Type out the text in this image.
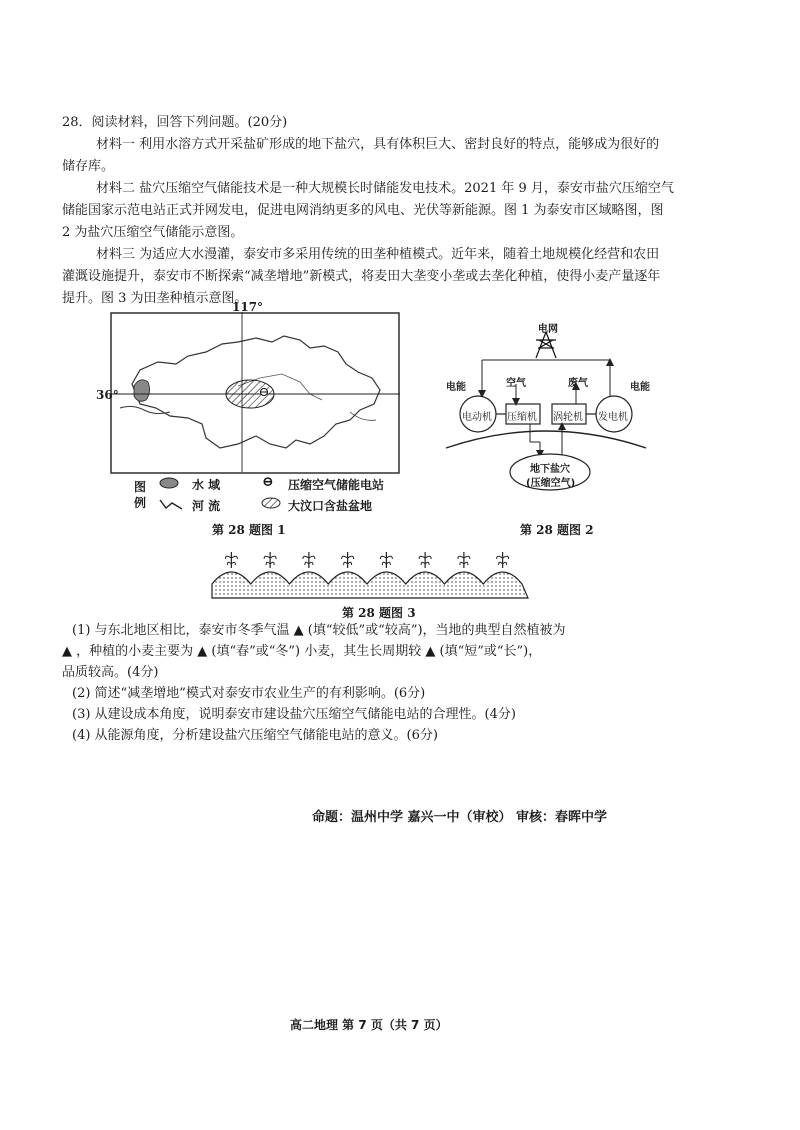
28．阅读材料，回答下列问题。(20分)
材料一 利用水溶方式开采盐矿形成的地下盐穴，具有体积巨大、密封良好的特点，能够成为很好的
储存库。
材料二 盐穴压缩空气储能技术是一种大规模长时储能发电技术。2021 年 9 月，泰安市盐穴压缩空气
储能国家示范电站正式并网发电，促进电网消纳更多的风电、光伏等新能源。图 1 为泰安市区域略图，图
2 为盐穴压缩空气储能示意图。
材料三 为适应大水漫灌，泰安市多采用传统的田垄种植模式。近年来，随着土地规模化经营和农田
灌溉设施提升，泰安市不断探索“减垄增地”新模式，将麦田大垄变小垄或去垄化种植，使得小麦产量逐年
提升。图 3 为田垄种植示意图。
117°
36°
图
例
水 域	⊖ 压缩空气储能电站
河 流	大汶口含盐盆地
第 28 题图 1
电网
电能	空气	废气	电能
电动机 压缩机 涡轮机 发电机
地下盐穴
(压缩空气)
第 28 题图 2
第 28 题图 3
(1) 与东北地区相比，泰安市冬季气温 ▲ (填“较低”或“较高”)，当地的典型自然植被为
▲ ，种植的小麦主要为 ▲ (填“春”或“冬”) 小麦，其生长周期较 ▲ (填“短”或“长”)，
品质较高。(4分)
(2) 简述“减垄增地”模式对泰安市农业生产的有利影响。(6分)
(3) 从建设成本角度，说明泰安市建设盐穴压缩空气储能电站的合理性。(4分)
(4) 从能源角度，分析建设盐穴压缩空气储能电站的意义。(6分)
命题：温州中学 嘉兴一中（审校） 审核：春晖中学
高二地理 第 7 页（共 7 页）
